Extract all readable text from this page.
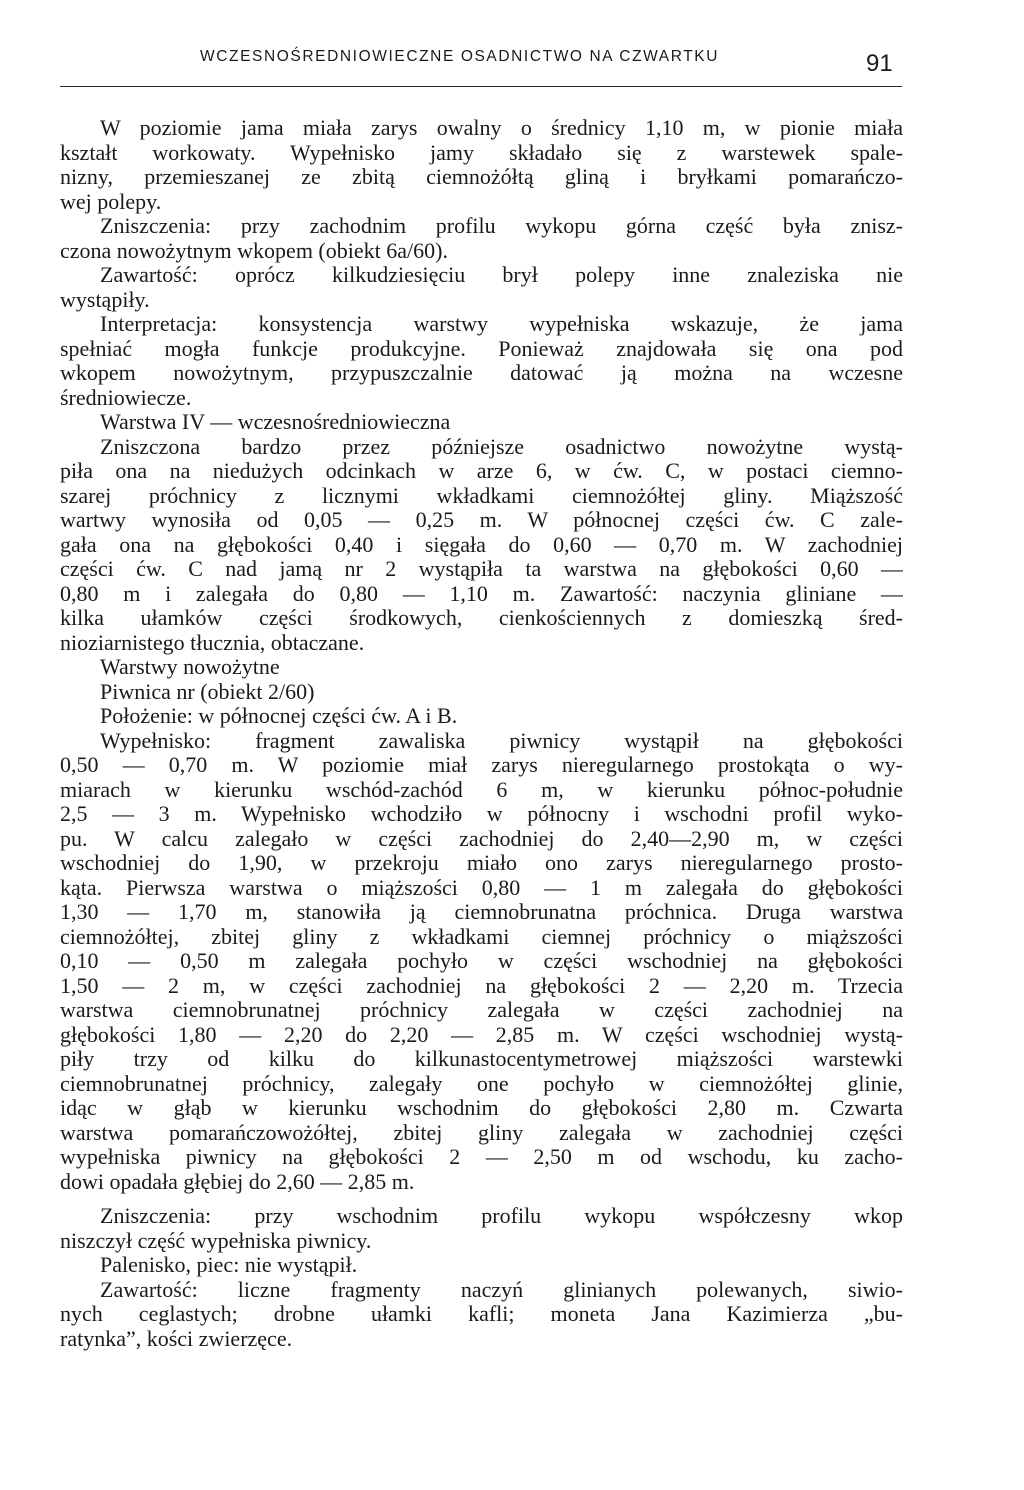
WCZESNOŚREDNIOWIECZNE OSADNICTWO NA CZWARTKU	91
W poziomie jama miała zarys owalny o średnicy 1,10 m, w pionie miała
kształt workowaty. Wypełnisko jamy składało się z warstewek spale-
nizny, przemieszanej ze zbitą ciemnożółtą gliną i bryłkami pomarańczo-
wej polepy.
Zniszczenia: przy zachodnim profilu wykopu górna część była znisz-
czona nowożytnym wkopem (obiekt 6a/60).
Zawartość: oprócz kilkudziesięciu brył polepy inne znaleziska nie
wystąpiły.
Interpretacja: konsystencja warstwy wypełniska wskazuje, że jama
spełniać mogła funkcje produkcyjne. Ponieważ znajdowała się ona pod
wkopem nowożytnym, przypuszczalnie datować ją można na wczesne
średniowiecze.
Warstwa IV — wczesnośredniowieczna
Zniszczona bardzo przez późniejsze osadnictwo nowożytne wystą-
piła ona na niedużych odcinkach w arze 6, w ćw. C, w postaci ciemno-
szarej próchnicy z licznymi wkładkami ciemnożółtej gliny. Miąższość
wartwy wynosiła od 0,05 — 0,25 m. W północnej części ćw. C zale-
gała ona na głębokości 0,40 i sięgała do 0,60 — 0,70 m. W zachodniej
części ćw. C nad jamą nr 2 wystąpiła ta warstwa na głębokości 0,60 —
0,80 m i zalegała do 0,80 — 1,10 m. Zawartość: naczynia gliniane —
kilka ułamków części środkowych, cienkościennych z domieszką śred-
nioziarnistego tłucznia, obtaczane.
Warstwy nowożytne
Piwnica nr (obiekt 2/60)
Położenie: w północnej części ćw. A i B.
Wypełnisko: fragment zawaliska piwnicy wystąpił na głębokości
0,50 — 0,70 m. W poziomie miał zarys nieregularnego prostokąta o wy-
miarach w kierunku wschód-zachód 6 m, w kierunku północ-południe
2,5 — 3 m. Wypełnisko wchodziło w północny i wschodni profil wyko-
pu. W calcu zalegało w części zachodniej do 2,40—2,90 m, w części
wschodniej do 1,90, w przekroju miało ono zarys nieregularnego prosto-
kąta. Pierwsza warstwa o miąższości 0,80 — 1 m zalegała do głębokości
1,30 — 1,70 m, stanowiła ją ciemnobrunatna próchnica. Druga warstwa
ciemnożółtej, zbitej gliny z wkładkami ciemnej próchnicy o miąższości
0,10 — 0,50 m zalegała pochyło w części wschodniej na głębokości
1,50 — 2 m, w części zachodniej na głębokości 2 — 2,20 m. Trzecia
warstwa ciemnobrunatnej próchnicy zalegała w części zachodniej na
głębokości 1,80 — 2,20 do 2,20 — 2,85 m. W części wschodniej wystą-
piły trzy od kilku do kilkunastocentymetrowej miąższości warstewki
ciemnobrunatnej próchnicy, zalegały one pochyło w ciemnożółtej glinie,
idąc w głąb w kierunku wschodnim do głębokości 2,80 m. Czwarta
warstwa pomarańczowożółtej, zbitej gliny zalegała w zachodniej części
wypełniska piwnicy na głębokości 2 — 2,50 m od wschodu, ku zacho-
dowi opadała głębiej do 2,60 — 2,85 m.
Zniszczenia: przy wschodnim profilu wykopu współczesny wkop
niszczył część wypełniska piwnicy.
Palenisko, piec: nie wystąpił.
Zawartość: liczne fragmenty naczyń glinianych polewanych, siwio-
nych ceglastych; drobne ułamki kafli; moneta Jana Kazimierza „bu-
ratynka”, kości zwierzęce.
